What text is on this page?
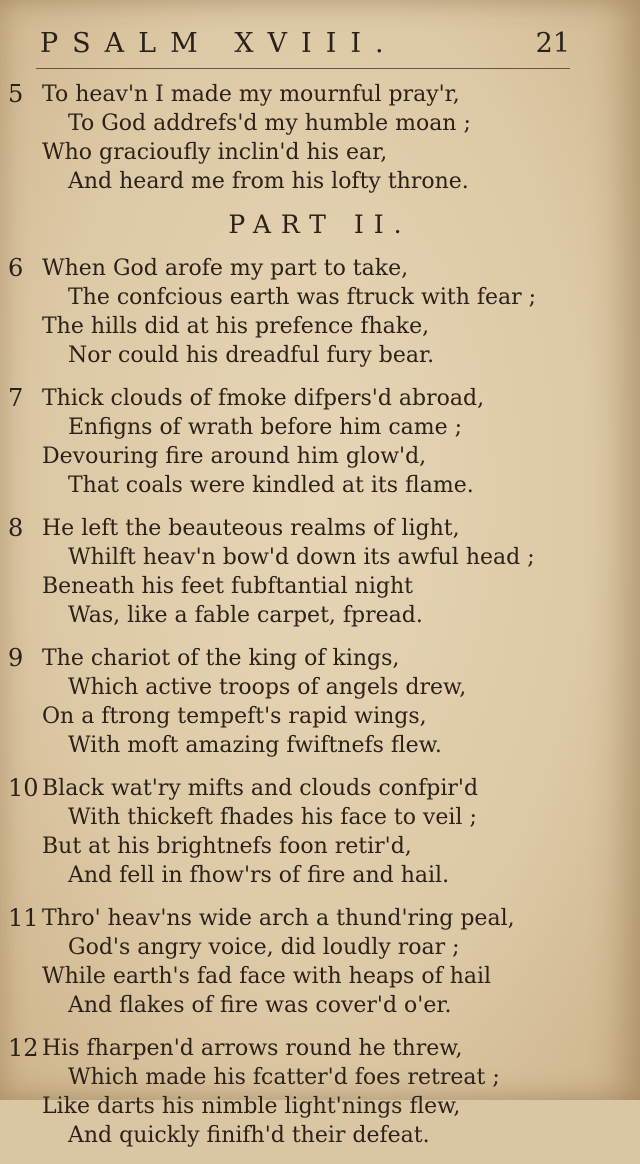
PSALM XVIII.	21
5 To heav'n I made my mournful pray'r,
To God addrefs'd my humble moan ;
Who gracioufly inclin'd his ear,
And heard me from his lofty throne.
PART II.
6 When God arofe my part to take,
The confcious earth was ftruck with fear ;
The hills did at his prefence fhake,
Nor could his dreadful fury bear.
7 Thick clouds of fmoke difpers'd abroad,
Enfigns of wrath before him came ;
Devouring fire around him glow'd,
That coals were kindled at its flame.
8 He left the beauteous realms of light,
Whilft heav'n bow'd down its awful head ;
Beneath his feet fubftantial night
Was, like a fable carpet, fpread.
9 The chariot of the king of kings,
Which active troops of angels drew,
On a ftrong tempeft's rapid wings,
With moft amazing fwiftnefs flew.
10 Black wat'ry mifts and clouds confpir'd
With thickeft fhades his face to veil ;
But at his brightnefs foon retir'd,
And fell in fhow'rs of fire and hail.
11 Thro' heav'ns wide arch a thund'ring peal,
God's angry voice, did loudly roar ;
While earth's fad face with heaps of hail
And flakes of fire was cover'd o'er.
12 His fharpen'd arrows round he threw,
Which made his fcatter'd foes retreat ;
Like darts his nimble light'nings flew,
And quickly finifh'd their defeat.
